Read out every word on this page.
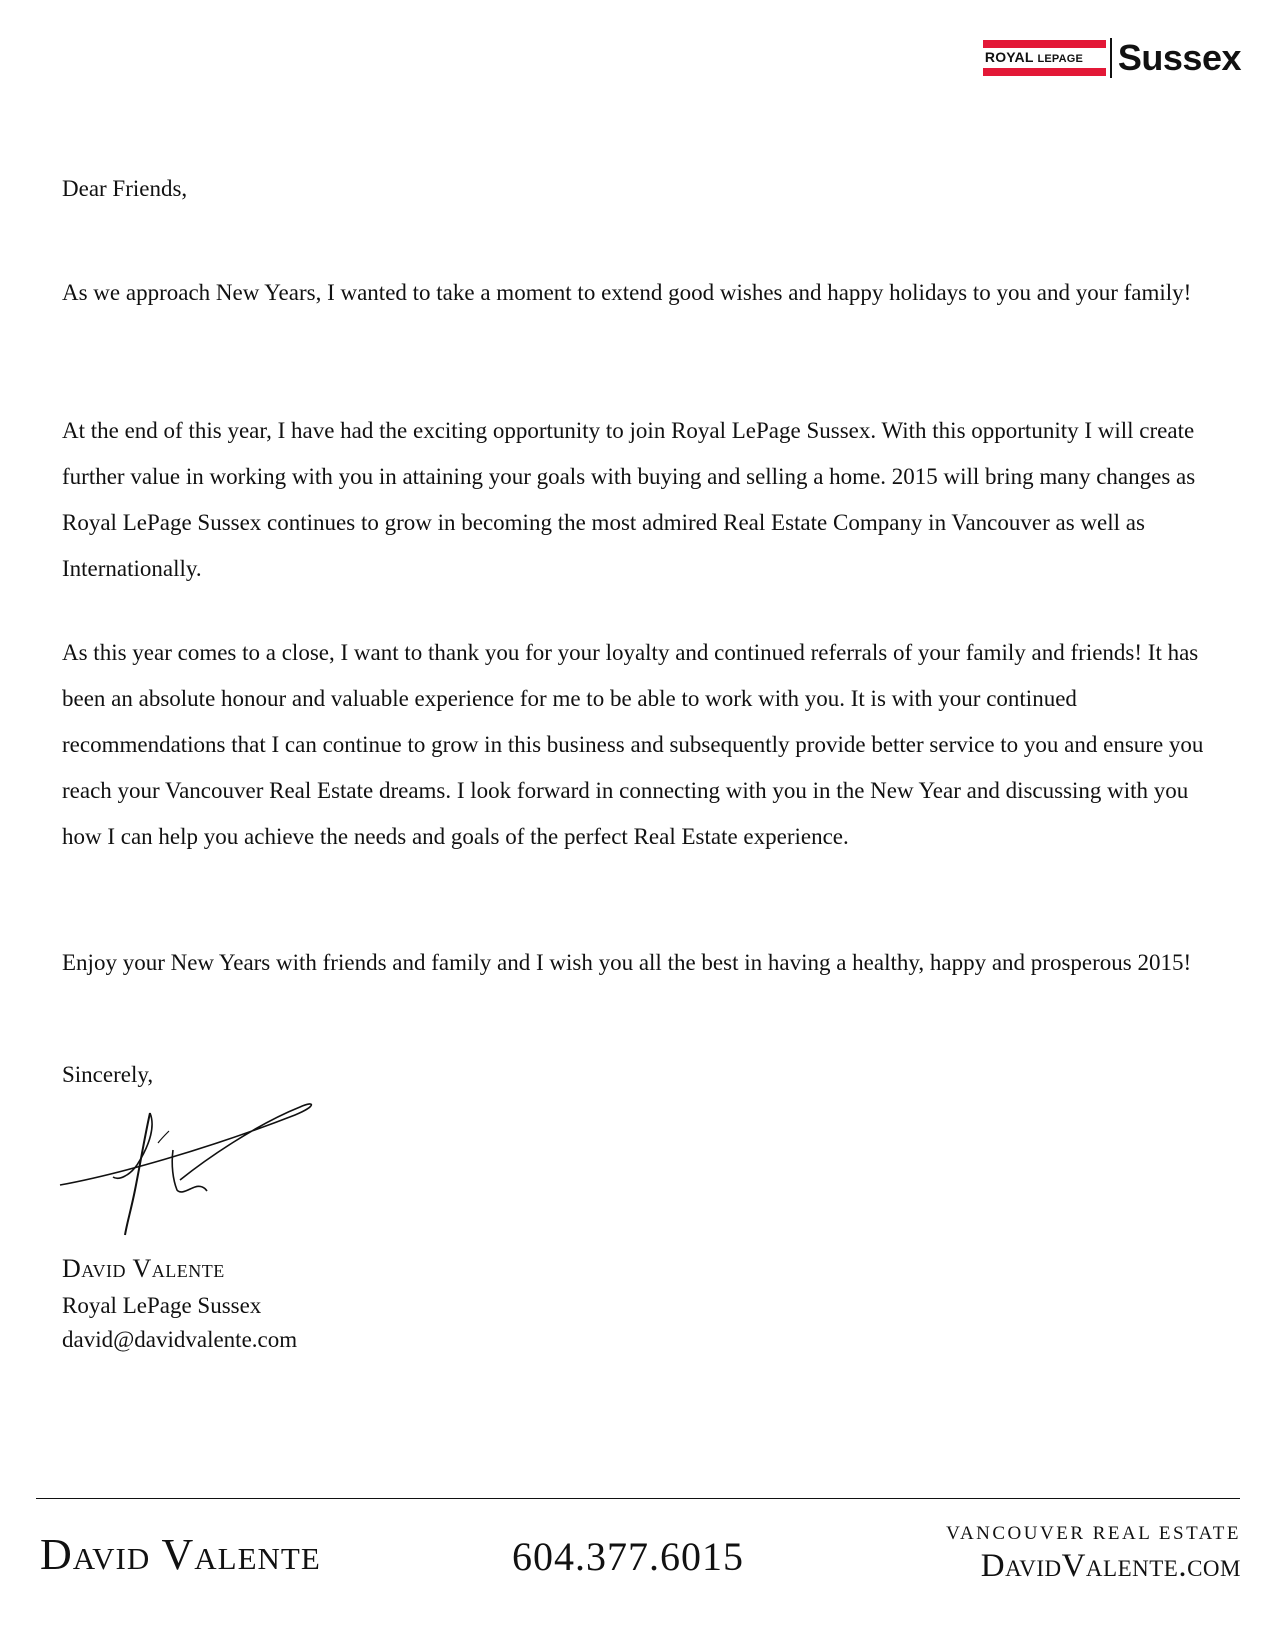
ROYAL LEPAGE Sussex
Dear Friends,

As we approach New Years, I wanted to take a moment to extend good wishes and happy holidays to you and your family!

At the end of this year, I have had the exciting opportunity to join Royal LePage Sussex. With this opportunity I will create further value in working with you in attaining your goals with buying and selling a home. 2015 will bring many changes as Royal LePage Sussex continues to grow in becoming the most admired Real Estate Company in Vancouver as well as Internationally.

As this year comes to a close, I want to thank you for your loyalty and continued referrals of your family and friends! It has been an absolute honour and valuable experience for me to be able to work with you. It is with your continued recommendations that I can continue to grow in this business and subsequently provide better service to you and ensure you reach your Vancouver Real Estate dreams. I look forward in connecting with you in the New Year and discussing with you how I can help you achieve the needs and goals of the perfect Real Estate experience.

Enjoy your New Years with friends and family and I wish you all the best in having a healthy, happy and prosperous 2015!

Sincerely,
David Valente
Royal LePage Sussex
david@davidvalente.com
David Valente	604.377.6015
VANCOUVER REAL ESTATE
DavidValente.com
